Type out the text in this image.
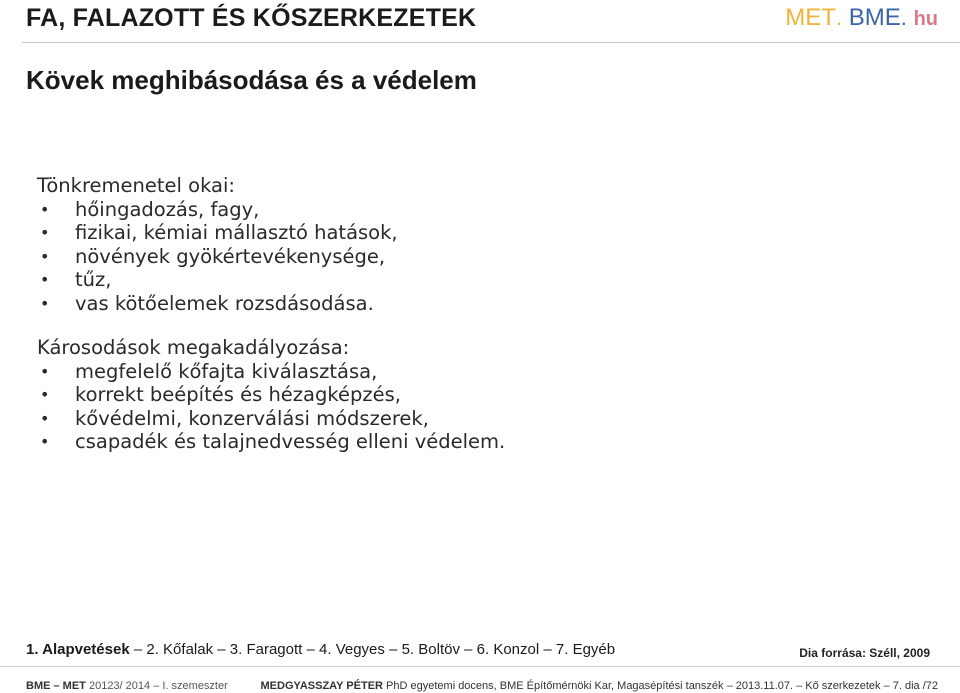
FA, FALAZOTT ÉS KŐSZERKEZETEK	MET. BME. hu
Kövek meghibásodása és a védelem
Tönkremenetel okai:
• hőingadozás, fagy,
• fizikai, kémiai mállasztó hatások,
• növények gyökértevékenysége,
• tűz,
• vas kötőelemek rozsdásodása.
Károsodások megakadályozása:
• megfelelő kőfajta kiválasztása,
• korrekt beépítés és hézagképzés,
• kővédelmi, konzerválási módszerek,
• csapadék és talajnedvesség elleni védelem.
1. Alapvetések – 2. Kőfalak – 3. Faragott – 4. Vegyes – 5. Boltöv – 6. Konzol – 7. Egyéb	Dia forrása: Széll, 2009
BME – MET 20123/ 2014 – I. szemeszter	MEDGYASSZAY PÉTER PhD egyetemi docens, BME Építőmérnöki Kar, Magasépítési tanszék – 2013.11.07. – Kő szerkezetek – 7. dia /72
